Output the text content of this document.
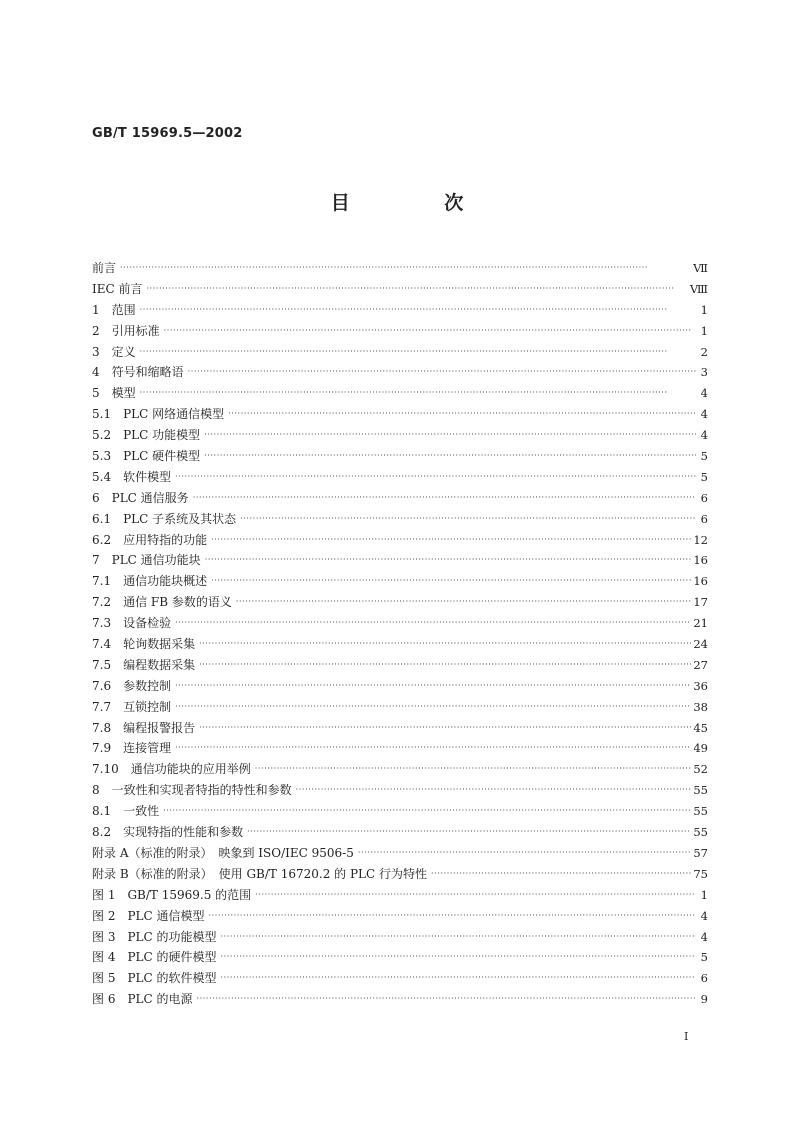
GB/T 15969.5—2002
目 次
前言 ·····	Ⅶ
IEC 前言 ·····	Ⅷ
1　范围 ·····	1
2　引用标准 ·····	1
3　定义 ·····	2
4　符号和缩略语 ·····	3
5　模型 ·····	4
5.1　PLC 网络通信模型 ·····	4
5.2　PLC 功能模型 ·····	4
5.3　PLC 硬件模型 ·····	5
5.4　软件模型 ·····	5
6　PLC 通信服务 ·····	6
6.1　PLC 子系统及其状态 ·····	6
6.2　应用特指的功能 ·····	12
7　PLC 通信功能块 ·····	16
7.1　通信功能块概述 ·····	16
7.2　通信 FB 参数的语义 ·····	17
7.3　设备检验 ·····	21
7.4　轮询数据采集 ·····	24
7.5　编程数据采集 ·····	27
7.6　参数控制 ·····	36
7.7　互锁控制 ·····	38
7.8　编程报警报告 ·····	45
7.9　连接管理 ·····	49
7.10　通信功能块的应用举例 ·····	52
8　一致性和实现者特指的特性和参数 ·····	55
8.1　一致性 ·····	55
8.2　实现特指的性能和参数 ·····	55
附录 A（标准的附录）　映象到 ISO/IEC 9506-5 ·····	57
附录 B（标准的附录）　使用 GB/T 16720.2 的 PLC 行为特性 ·····	75
图 1　GB/T 15969.5 的范围 ·····	1
图 2　PLC 通信模型 ·····	4
图 3　PLC 的功能模型 ·····	4
图 4　PLC 的硬件模型 ·····	5
图 5　PLC 的软件模型 ·····	6
图 6　PLC 的电源 ·····	9
I
